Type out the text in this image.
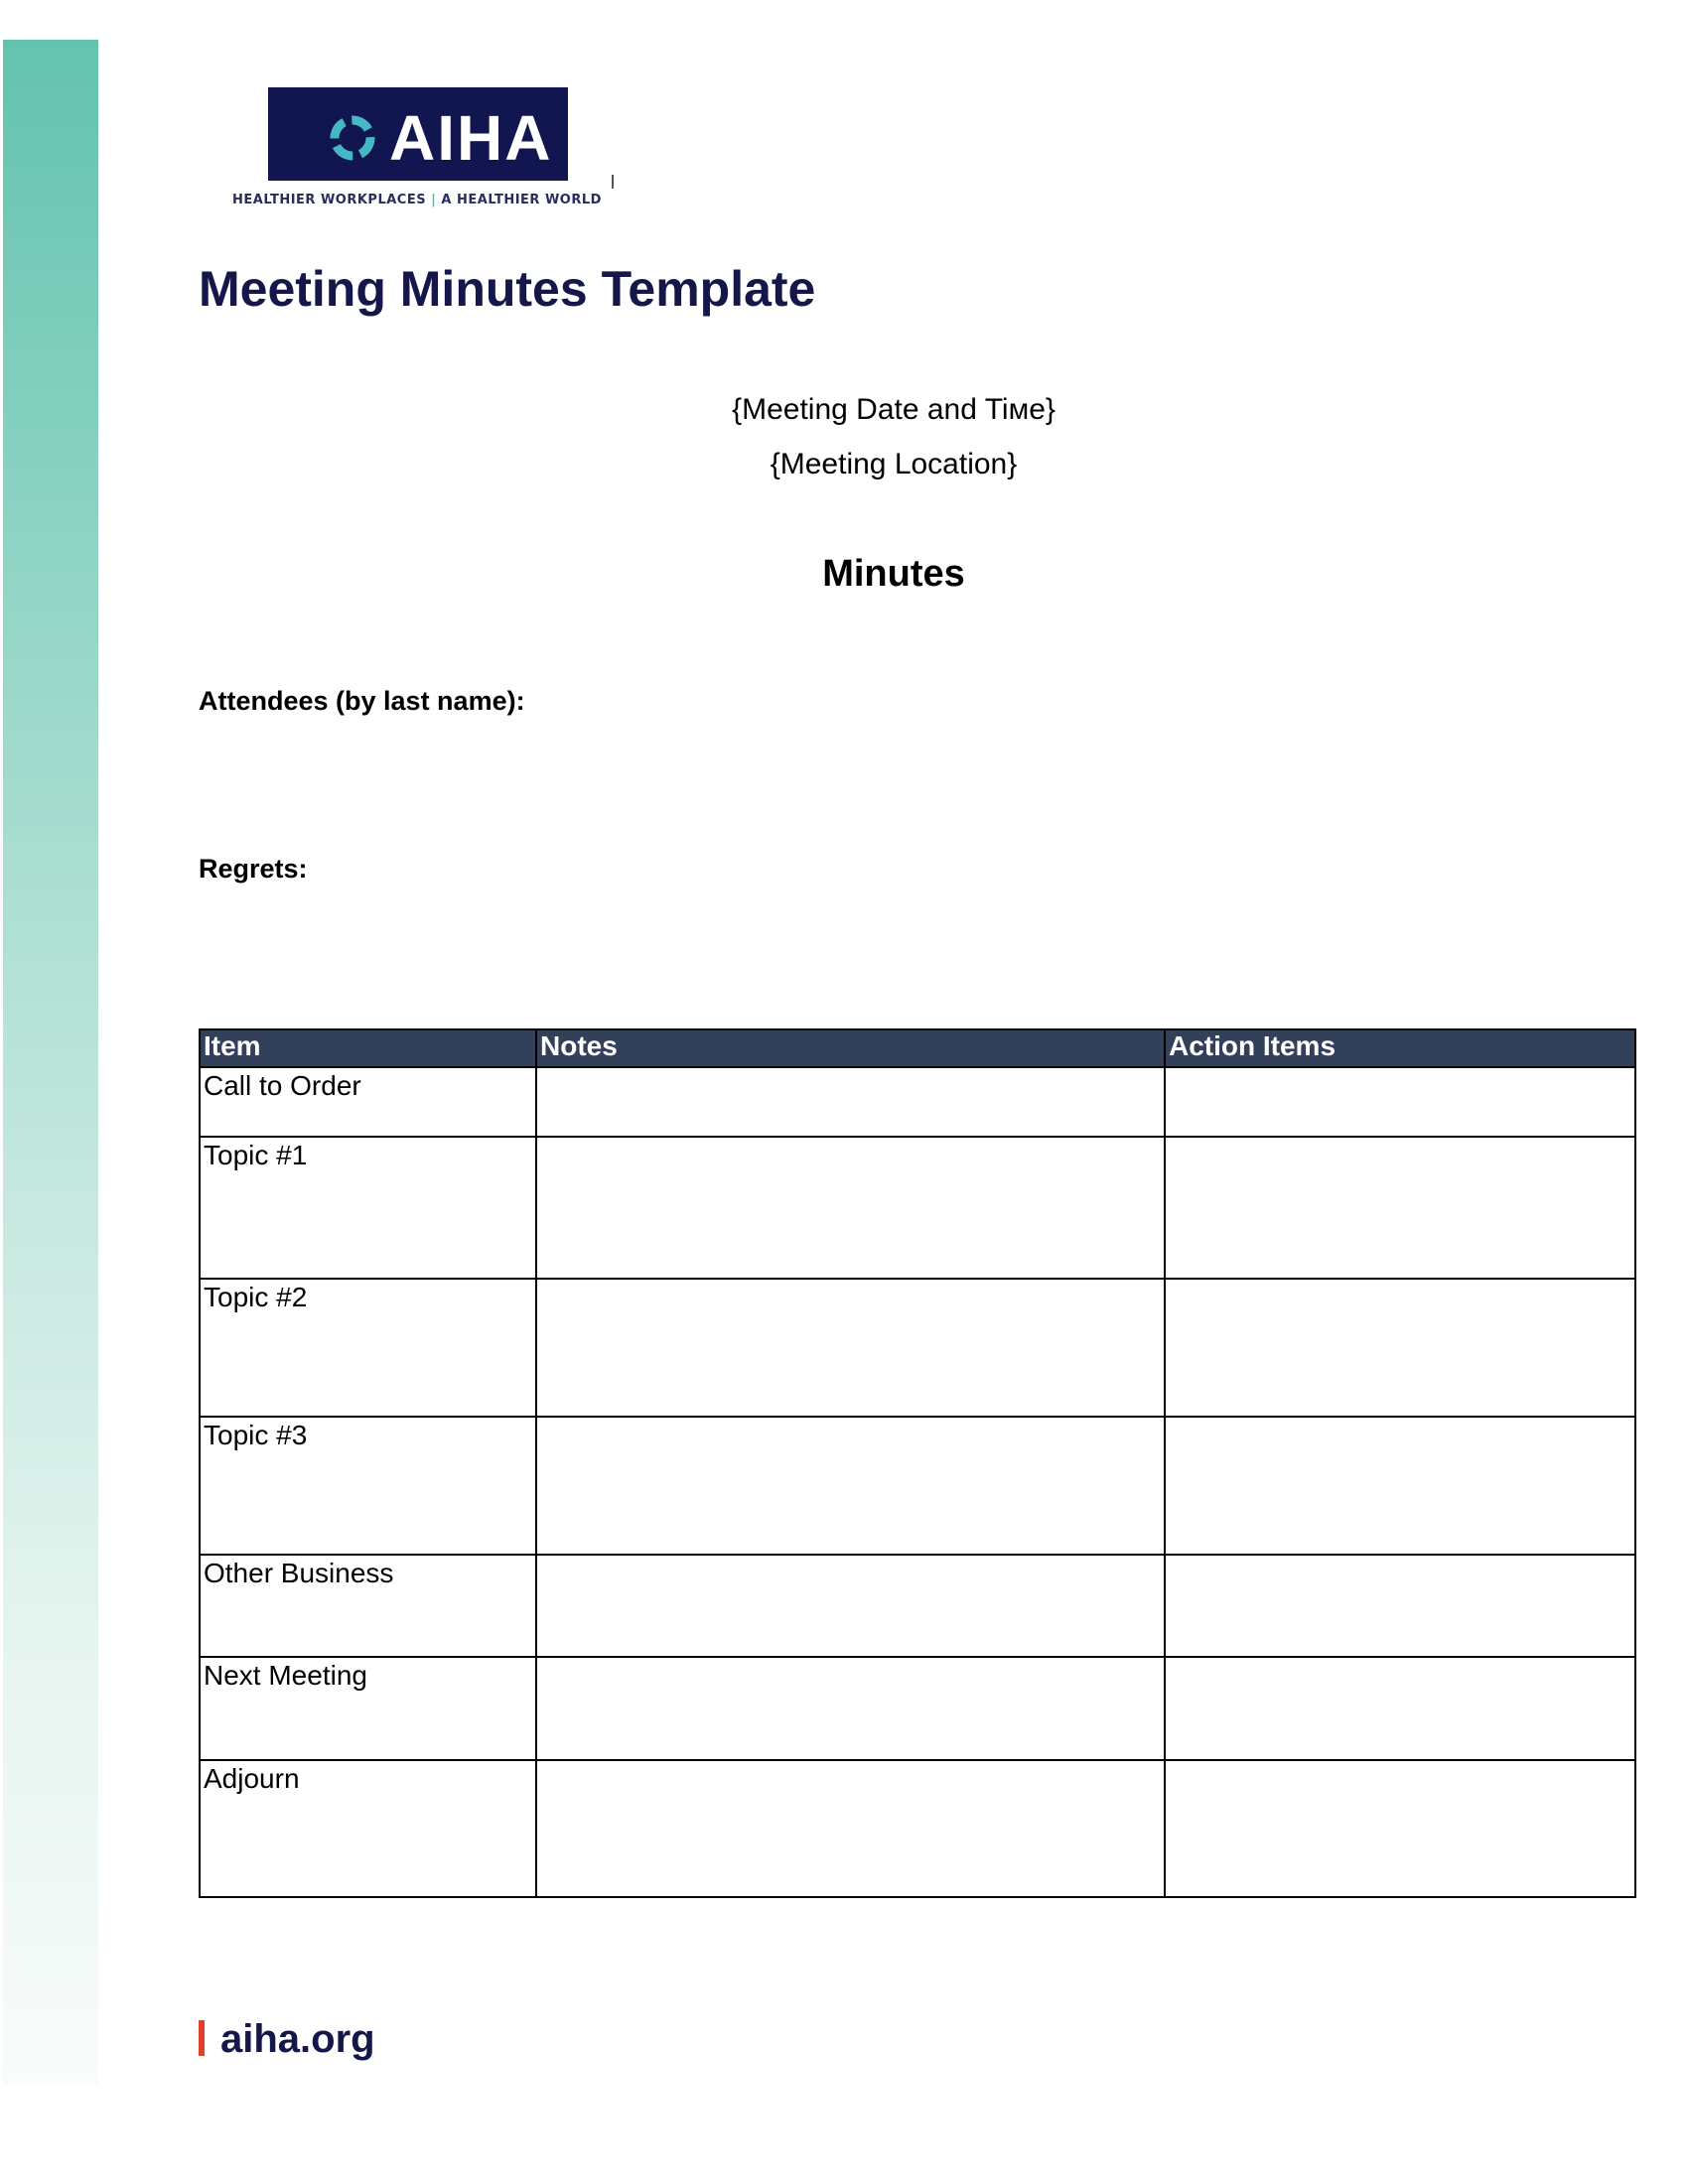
AIHA	®
HEALTHIER WORKPLACES | A HEALTHIER WORLD
Meeting Minutes Template
{Meeting Date and Tiмe}
{Meeting Location}
Minutes
Attendees (by last name):
Regrets:
Item	Notes	Action Items
Call to Order		
Topic #1		
Topic #2		
Topic #3		
Other Business		
Next Meeting		
Adjourn		
aiha.org
